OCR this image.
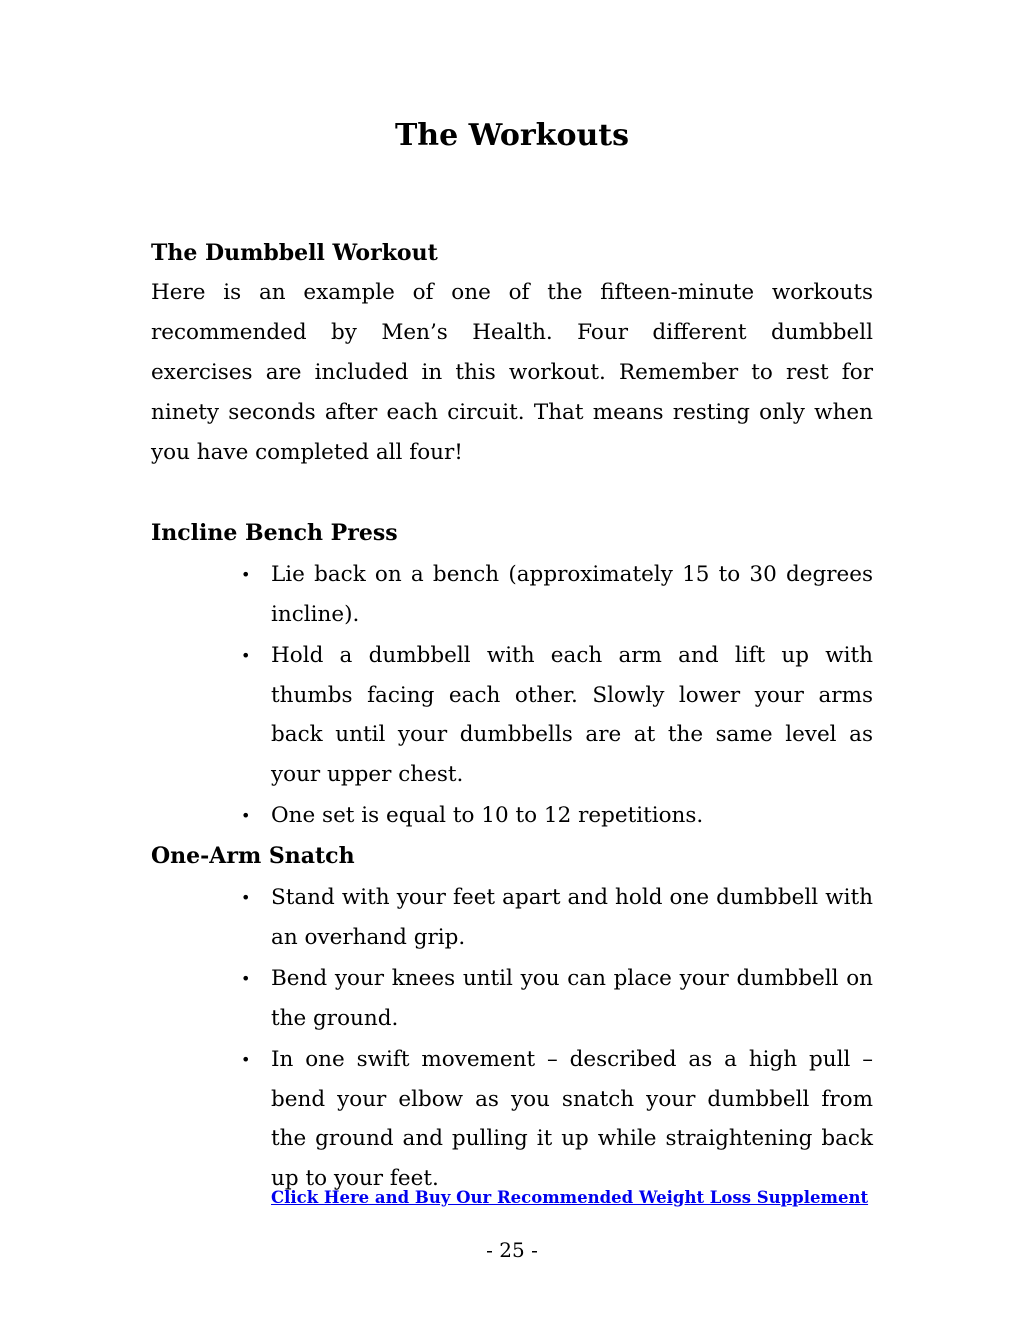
The Workouts
The Dumbbell Workout

Here is an example of one of the fifteen-minute workouts recommended by Men’s Health. Four different dumbbell exercises are included in this workout. Remember to rest for ninety seconds after each circuit. That means resting only when you have completed all four!

Incline Bench Press
• Lie back on a bench (approximately 15 to 30 degrees incline).
• Hold a dumbbell with each arm and lift up with thumbs facing each other. Slowly lower your arms back until your dumbbells are at the same level as your upper chest.
• One set is equal to 10 to 12 repetitions.
One-Arm Snatch
• Stand with your feet apart and hold one dumbbell with an overhand grip.
• Bend your knees until you can place your dumbbell on the ground.
• In one swift movement – described as a high pull – bend your elbow as you snatch your dumbbell from the ground and pulling it up while straightening back up to your feet.
Click Here and Buy Our Recommended Weight Loss Supplement
- 25 -
